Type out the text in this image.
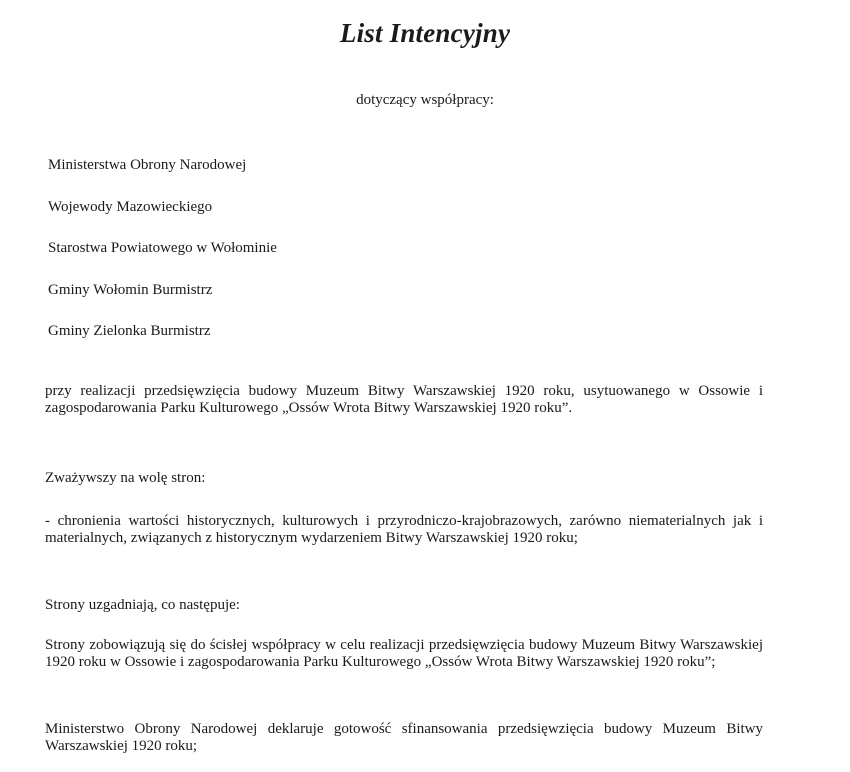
List Intencyjny

dotyczący współpracy:

Ministerstwa Obrony Narodowej
Wojewody Mazowieckiego
Starostwa Powiatowego w Wołominie
Gminy Wołomin Burmistrz
Gminy Zielonka Burmistrz

przy realizacji przedsięwzięcia budowy Muzeum Bitwy Warszawskiej 1920 roku, usytuowanego w Ossowie i zagospodarowania Parku Kulturowego „Ossów Wrota Bitwy Warszawskiej 1920 roku”.

Zważywszy na wolę stron:

- chronienia wartości historycznych, kulturowych i przyrodniczo-krajobrazowych, zarówno niematerialnych jak i materialnych, związanych z historycznym wydarzeniem Bitwy Warszawskiej 1920 roku;

Strony uzgadniają, co następuje:

Strony zobowiązują się do ścisłej współpracy w celu realizacji przedsięwzięcia budowy Muzeum Bitwy Warszawskiej 1920 roku w Ossowie i zagospodarowania Parku Kulturowego „Ossów Wrota Bitwy Warszawskiej 1920 roku”;

Ministerstwo Obrony Narodowej deklaruje gotowość sfinansowania przedsięwzięcia budowy Muzeum Bitwy Warszawskiej 1920 roku;
